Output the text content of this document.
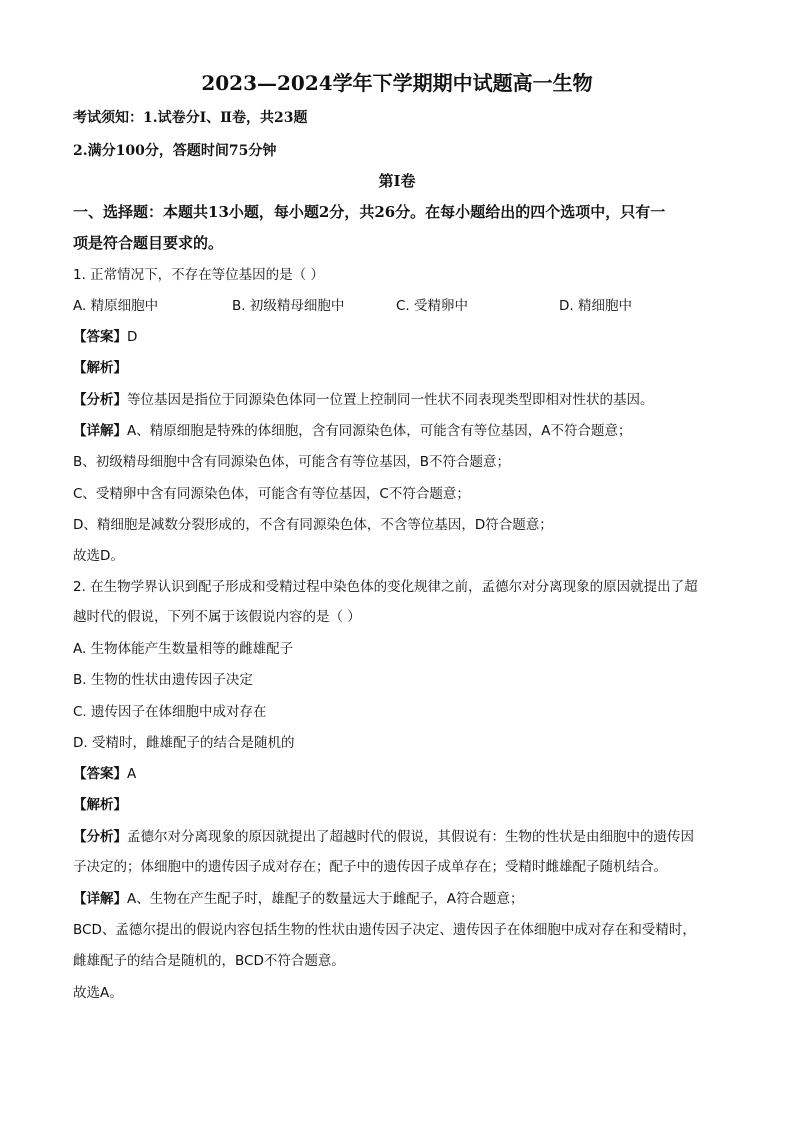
2023—2024学年下学期期中试题高一生物
考试须知：1.试卷分Ⅰ、Ⅱ卷，共23题
2.满分100分，答题时间75分钟
第Ⅰ卷
一、选择题：本题共13小题，每小题2分，共26分。在每小题给出的四个选项中，只有一
项是符合题目要求的。
1. 正常情况下，不存在等位基因的是（ ）
A. 精原细胞中	B. 初级精母细胞中	C. 受精卵中	D. 精细胞中
【答案】D
【解析】
【分析】等位基因是指位于同源染色体同一位置上控制同一性状不同表现类型即相对性状的基因。
【详解】A、精原细胞是特殊的体细胞，含有同源染色体，可能含有等位基因，A不符合题意；
B、初级精母细胞中含有同源染色体，可能含有等位基因，B不符合题意；
C、受精卵中含有同源染色体，可能含有等位基因，C不符合题意；
D、精细胞是减数分裂形成的，不含有同源染色体，不含等位基因，D符合题意；
故选D。
2. 在生物学界认识到配子形成和受精过程中染色体的变化规律之前，孟德尔对分离现象的原因就提出了超
越时代的假说，下列不属于该假说内容的是（ ）
A. 生物体能产生数量相等的雌雄配子
B. 生物的性状由遗传因子决定
C. 遗传因子在体细胞中成对存在
D. 受精时，雌雄配子的结合是随机的
【答案】A
【解析】
【分析】孟德尔对分离现象的原因就提出了超越时代的假说，其假说有：生物的性状是由细胞中的遗传因
子决定的；体细胞中的遗传因子成对存在；配子中的遗传因子成单存在；受精时雌雄配子随机结合。
【详解】A、生物在产生配子时，雄配子的数量远大于雌配子，A符合题意；
BCD、孟德尔提出的假说内容包括生物的性状由遗传因子决定、遗传因子在体细胞中成对存在和受精时，
雌雄配子的结合是随机的，BCD不符合题意。
故选A。
